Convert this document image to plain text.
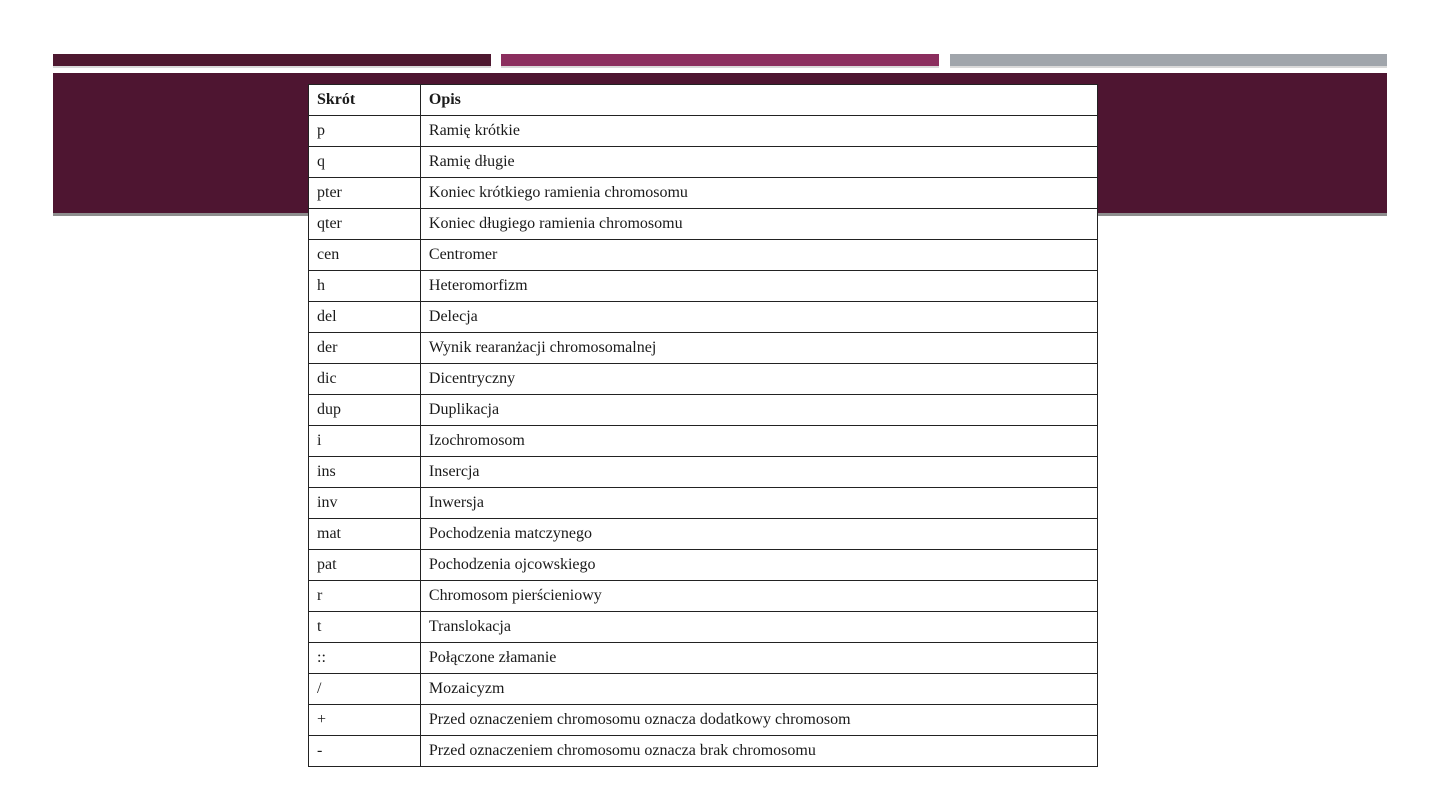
Skrót	Opis
p	Ramię krótkie
q	Ramię długie
pter	Koniec krótkiego ramienia chromosomu
qter	Koniec długiego ramienia chromosomu
cen	Centromer
h	Heteromorfizm
del	Delecja
der	Wynik rearanżacji chromosomalnej
dic	Dicentryczny
dup	Duplikacja
i	Izochromosom
ins	Insercja
inv	Inwersja
mat	Pochodzenia matczynego
pat	Pochodzenia ojcowskiego
r	Chromosom pierścieniowy
t	Translokacja
::	Połączone złamanie
/	Mozaicyzm
+	Przed oznaczeniem chromosomu oznacza dodatkowy chromosom
-	Przed oznaczeniem chromosomu oznacza brak chromosomu
